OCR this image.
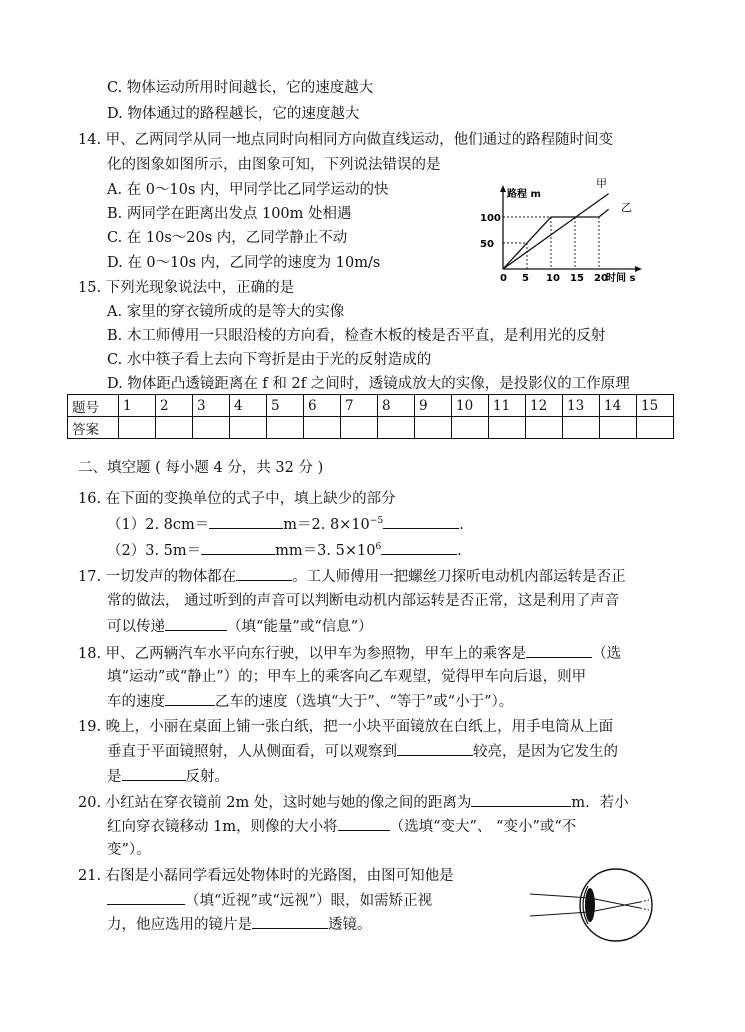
C. 物体运动所用时间越长，它的速度越大
D. 物体通过的路程越长，它的速度越大
14. 甲、乙两同学从同一地点同时向相同方向做直线运动，他们通过的路程随时间变
化的图象如图所示，由图象可知，下列说法错误的是
A. 在 0～10s 内，甲同学比乙同学运动的快
B. 两同学在距离出发点 100m 处相遇
C. 在 10s～20s 内，乙同学静止不动
D. 在 0～10s 内，乙同学的速度为 10m/s
路程 m
时间 s
0 5 10 15 20
50
100
甲
乙
15. 下列光现象说法中，正确的是
A. 家里的穿衣镜所成的是等大的实像
B. 木工师傅用一只眼沿棱的方向看，检查木板的棱是否平直，是利用光的反射
C. 水中筷子看上去向下弯折是由于光的反射造成的
D. 物体距凸透镜距离在 f 和 2f 之间时，透镜成放大的实像，是投影仪的工作原理
题号	1	2	3	4	5	6	7	8	9	10	11	12	13	14	15
答案															
二、填空题 ( 每小题 4 分，共 32 分 )
16. 在下面的变换单位的式子中，填上缺少的部分
（1）2. 8cm＝	m＝2. $8\times 10^{-5}$	.
（2）3. 5m＝	mm＝3. $5\times 10^6$	.
17. 一切发声的物体都在	。工人师傅用一把螺丝刀探听电动机内部运转是否正
常的做法， 通过听到的声音可以判断电动机内部运转是否正常，这是利用了声音
可以传递	（填“能量”或“信息”）
18. 甲、乙两辆汽车水平向东行驶，以甲车为参照物，甲车上的乘客是	（选
填“运动”或“静止”）的；甲车上的乘客向乙车观望，觉得甲车向后退，则甲
车的速度	乙车的速度（选填“大于”、“等于”或“小于”）。
19. 晚上，小丽在桌面上铺一张白纸，把一小块平面镜放在白纸上，用手电筒从上面
垂直于平面镜照射，人从侧面看，可以观察到	较亮，是因为它发生的
是	反射。
20. 小红站在穿衣镜前 2m 处，这时她与她的像之间的距离为	m．若小
红向穿衣镜移动 1m，则像的大小将	（选填“变大”、 “变小”或“不
变”）。
21. 右图是小磊同学看远处物体时的光路图，由图可知他是
（填“近视”或“远视”）眼，如需矫正视
力，他应选用的镜片是	透镜。
